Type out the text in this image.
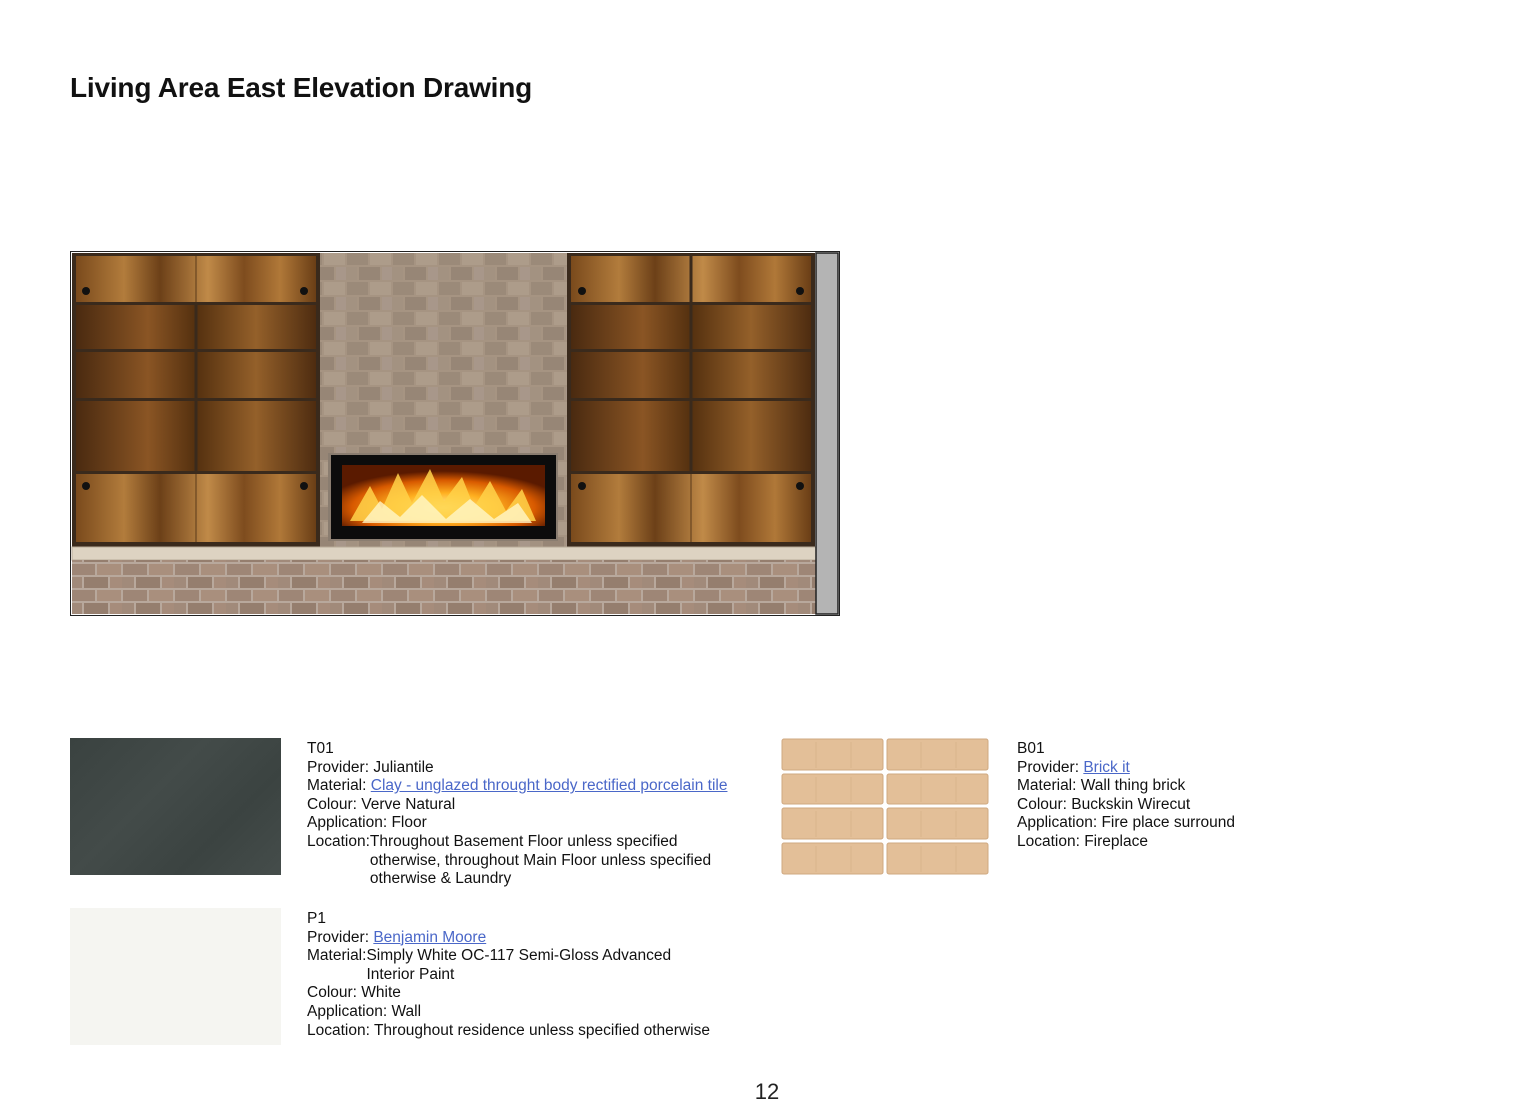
Living Area East Elevation Drawing
T01
Provider: Juliantile
Material: Clay - unglazed throught body rectified porcelain tile
Colour: Verve Natural
Application: Floor
Location: Throughout Basement Floor unless specified otherwise, throughout Main Floor unless specified otherwise & Laundry
P1
Provider: Benjamin Moore
Material: Simply White OC-117 Semi-Gloss Advanced Interior Paint
Colour: White
Application: Wall
Location: Throughout residence unless specified otherwise
B01
Provider: Brick it
Material: Wall thing brick
Colour: Buckskin Wirecut
Application: Fire place surround
Location: Fireplace
12
